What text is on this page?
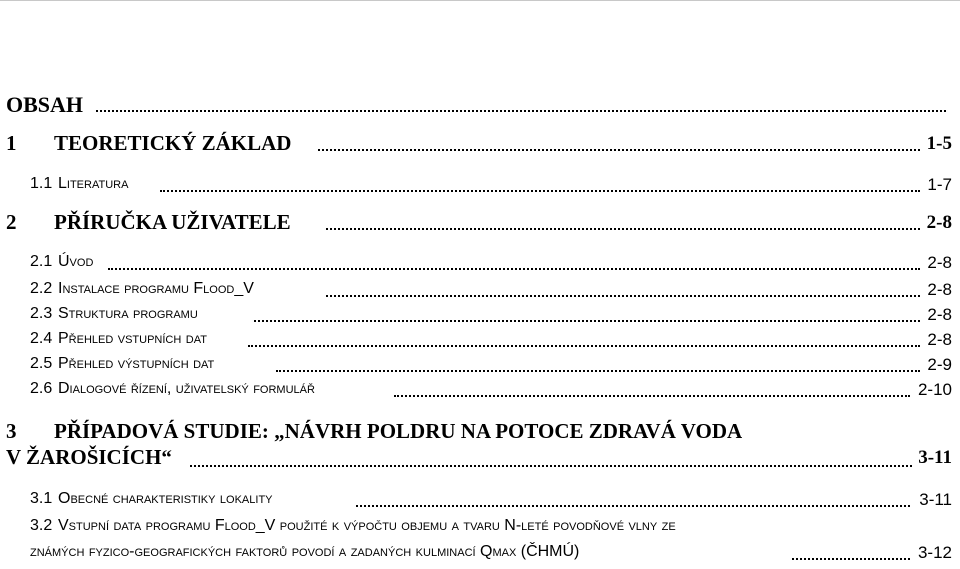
OBSAH
1 TEORETICKÝ ZÁKLAD	1-5
1.1 Literatura	1-7
2 PŘÍRUČKA UŽIVATELE	2-8
2.1 Úvod	2-8
2.2 Instalace programu Flood_V	2-8
2.3 Struktura programu	2-8
2.4 Přehled vstupních dat	2-8
2.5 Přehled výstupních dat	2-9
2.6 Dialogové řízení, uživatelský formulář	2-10
3 PŘÍPADOVÁ STUDIE: „NÁVRH POLDRU NA POTOCE ZDRAVÁ VODA
V ŽAROŠICÍCH“	3-11
3.1 Obecné charakteristiky lokality	3-11
3.2 Vstupní data programu Flood_V použité k výpočtu objemu a tvaru N-leté povodňové vlny ze
známých fyzico-geografických faktorů povodí a zadaných kulminací Qmax (ČHMÚ)	3-12
